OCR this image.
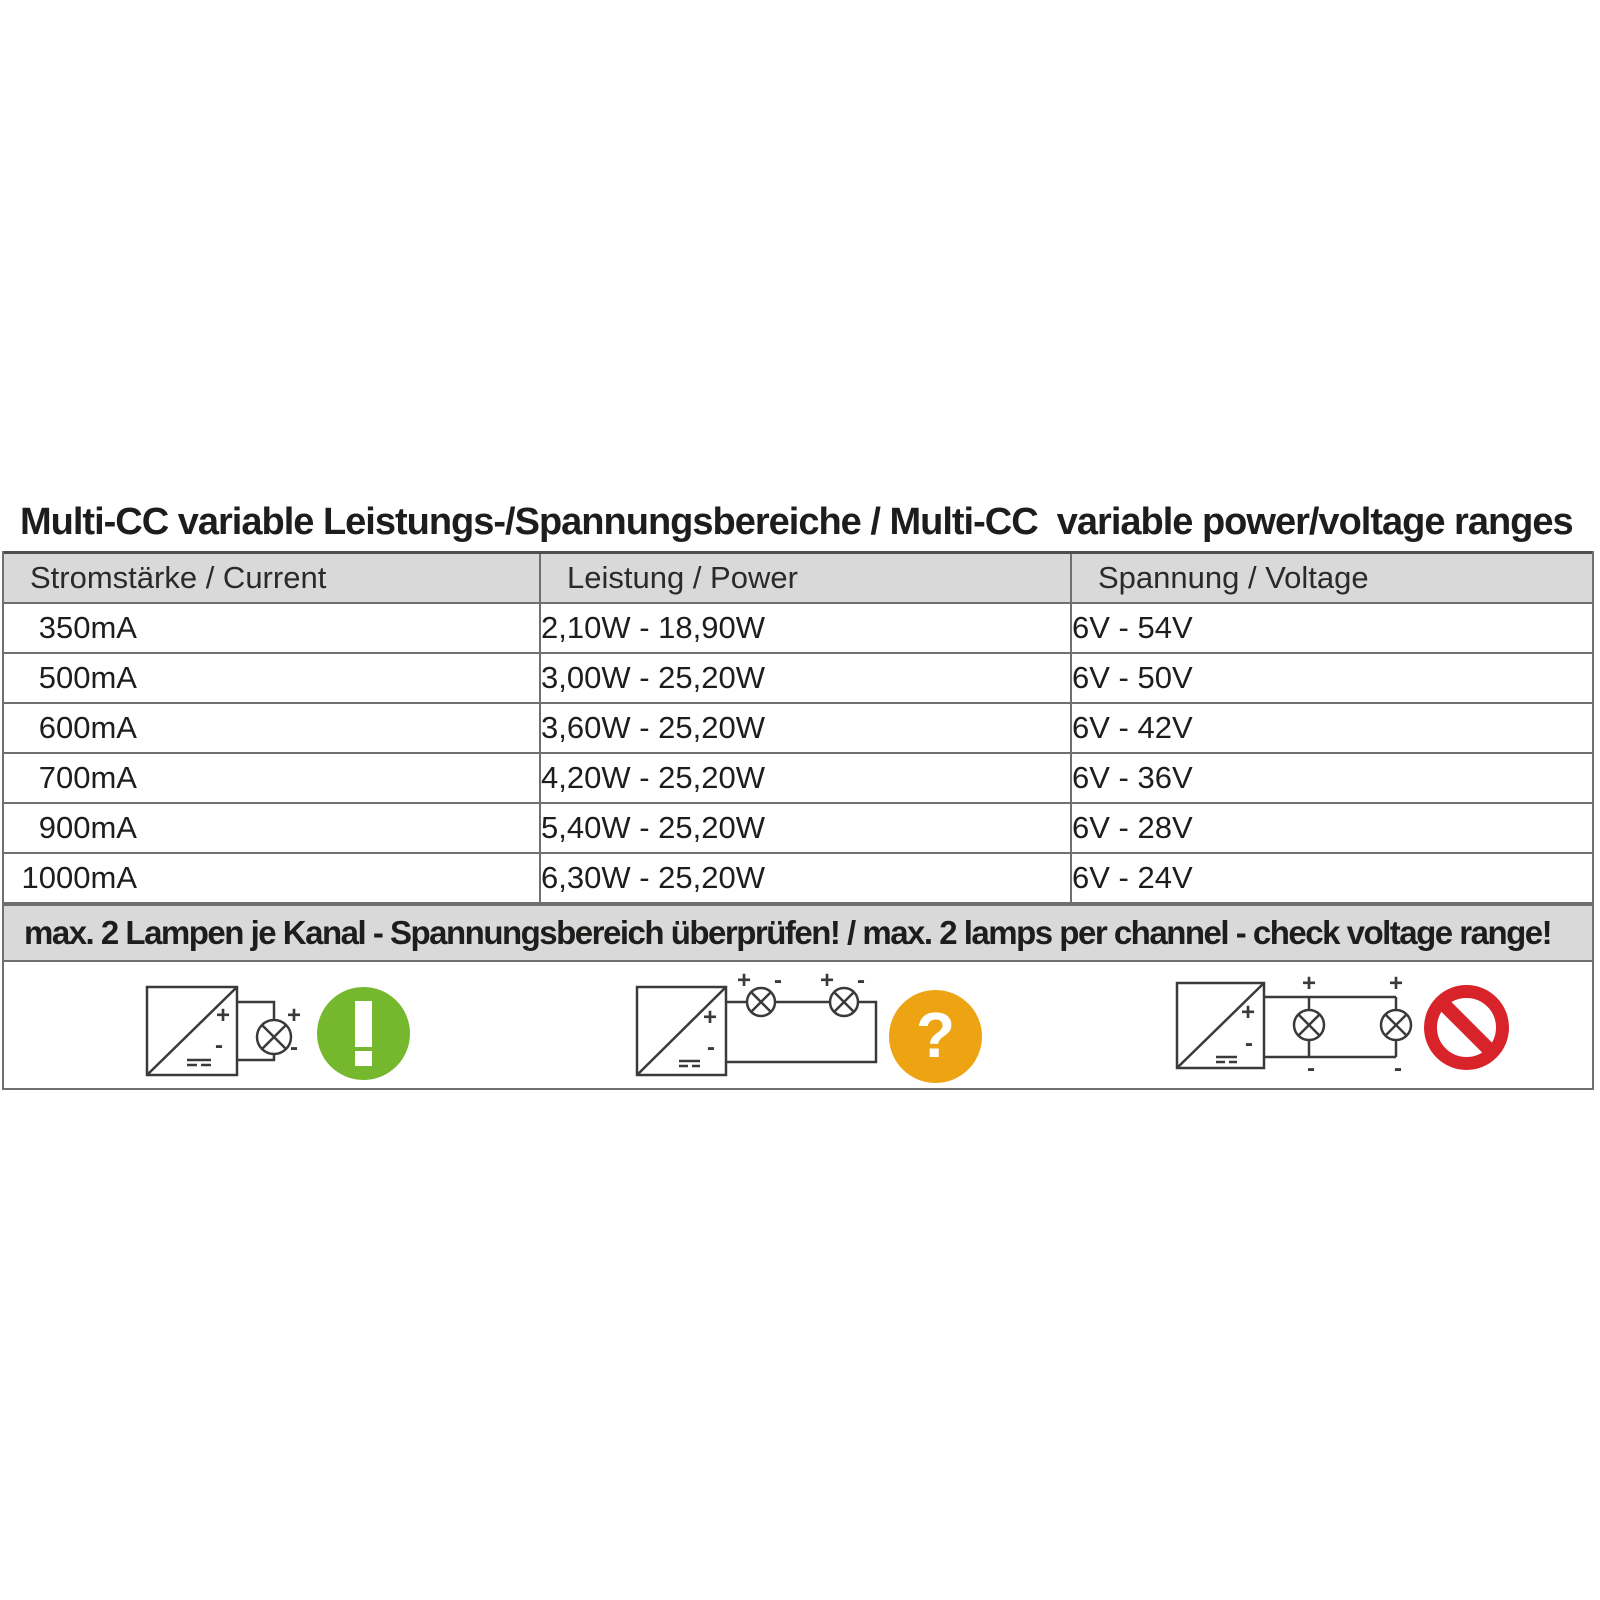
Multi-CC variable Leistungs-/Spannungsbereiche / Multi-CC  variable power/voltage ranges
Stromstärke / Current	Leistung / Power	Spannung / Voltage
350mA	2,10W - 18,90W	6V - 54V
500mA	3,00W - 25,20W	6V - 50V
600mA	3,60W - 25,20W	6V - 42V
700mA	4,20W - 25,20W	6V - 36V
900mA	5,40W - 25,20W	6V - 28V
1000mA	6,30W - 25,20W	6V - 24V
max. 2 Lampen je Kanal - Spannungsbereich überprüfen! / max. 2 lamps per channel - check voltage range!
+
-
+
-
+
-
+ - + -
?	+
-
+	+
-	-
